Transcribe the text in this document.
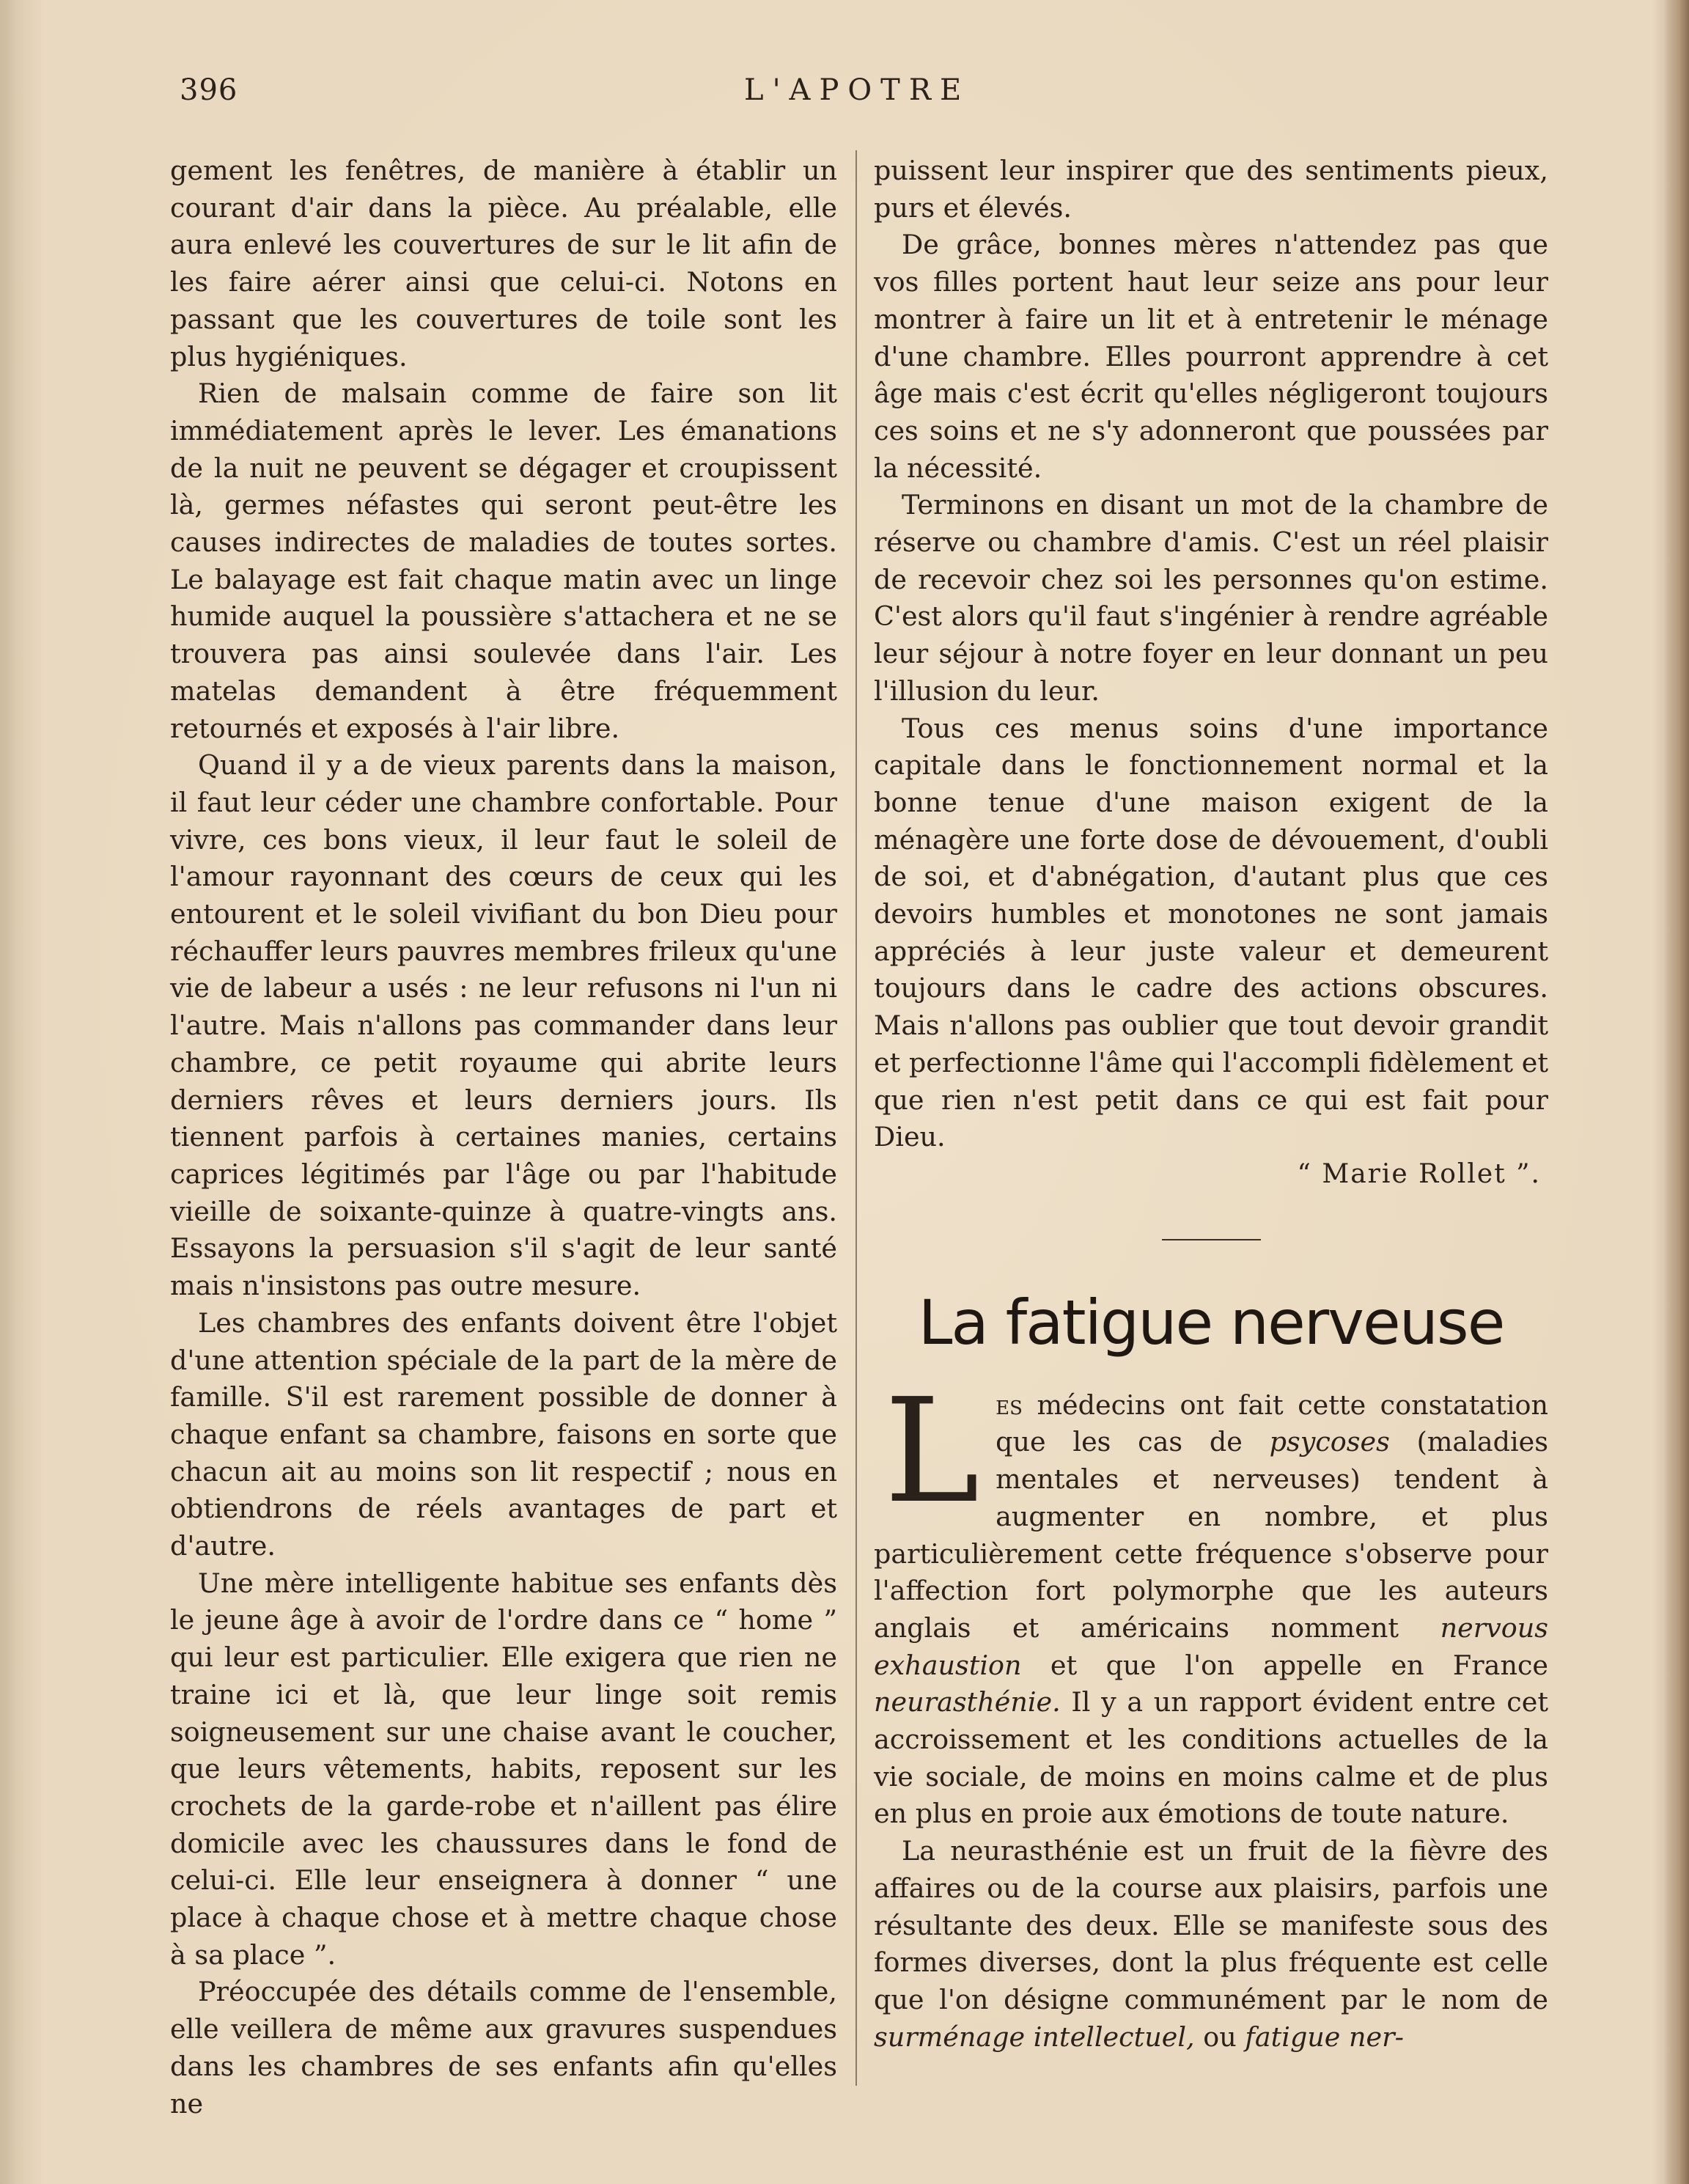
396	L'APOTRE

gement les fenêtres, de manière à établir un courant d'air dans la pièce. Au préalable, elle aura enlevé les couvertures de sur le lit afin de les faire aérer ainsi que celui-ci. Notons en passant que les couvertures de toile sont les plus hygiéniques.

Rien de malsain comme de faire son lit immédiatement après le lever. Les émanations de la nuit ne peuvent se dégager et croupissent là, germes néfastes qui seront peut-être les causes indirectes de maladies de toutes sortes. Le balayage est fait chaque matin avec un linge humide auquel la poussière s'attachera et ne se trouvera pas ainsi soulevée dans l'air. Les matelas demandent à être fréquemment retournés et exposés à l'air libre.

Quand il y a de vieux parents dans la maison, il faut leur céder une chambre confortable. Pour vivre, ces bons vieux, il leur faut le soleil de l'amour rayonnant des cœurs de ceux qui les entourent et le soleil vivifiant du bon Dieu pour réchauffer leurs pauvres membres frileux qu'une vie de labeur a usés : ne leur refusons ni l'un ni l'autre. Mais n'allons pas commander dans leur chambre, ce petit royaume qui abrite leurs derniers rêves et leurs derniers jours. Ils tiennent parfois à certaines manies, certains caprices légitimés par l'âge ou par l'habitude vieille de soixante-quinze à quatre-vingts ans. Essayons la persuasion s'il s'agit de leur santé mais n'insistons pas outre mesure.

Les chambres des enfants doivent être l'objet d'une attention spéciale de la part de la mère de famille. S'il est rarement possible de donner à chaque enfant sa chambre, faisons en sorte que chacun ait au moins son lit respectif ; nous en obtiendrons de réels avantages de part et d'autre.

Une mère intelligente habitue ses enfants dès le jeune âge à avoir de l'ordre dans ce “ home ” qui leur est particulier. Elle exigera que rien ne traine ici et là, que leur linge soit remis soigneusement sur une chaise avant le coucher, que leurs vêtements, habits, reposent sur les crochets de la garde-robe et n'aillent pas élire domicile avec les chaussures dans le fond de celui-ci. Elle leur enseignera à donner “ une place à chaque chose et à mettre chaque chose à sa place ”.

Préoccupée des détails comme de l'ensemble, elle veillera de même aux gravures suspendues dans les chambres de ses enfants afin qu'elles ne

puissent leur inspirer que des sentiments pieux, purs et élevés.

De grâce, bonnes mères n'attendez pas que vos filles portent haut leur seize ans pour leur montrer à faire un lit et à entretenir le ménage d'une chambre. Elles pourront apprendre à cet âge mais c'est écrit qu'elles négligeront toujours ces soins et ne s'y adonneront que poussées par la nécessité.

Terminons en disant un mot de la chambre de réserve ou chambre d'amis. C'est un réel plaisir de recevoir chez soi les personnes qu'on estime. C'est alors qu'il faut s'ingénier à rendre agréable leur séjour à notre foyer en leur donnant un peu l'illusion du leur.

Tous ces menus soins d'une importance capitale dans le fonctionnement normal et la bonne tenue d'une maison exigent de la ménagère une forte dose de dévouement, d'oubli de soi, et d'abnégation, d'autant plus que ces devoirs humbles et monotones ne sont jamais appréciés à leur juste valeur et demeurent toujours dans le cadre des actions obscures. Mais n'allons pas oublier que tout devoir grandit et perfectionne l'âme qui l'accompli fidèlement et que rien n'est petit dans ce qui est fait pour Dieu.

“ Marie Rollet ”.

La fatigue nerveuse

Les médecins ont fait cette constatation que les cas de psycoses (maladies mentales et nerveuses) tendent à augmenter en nombre, et plus particulièrement cette fréquence s'observe pour l'affection fort polymorphe que les auteurs anglais et américains nomment nervous exhaustion et que l'on appelle en France neurasthénie. Il y a un rapport évident entre cet accroissement et les conditions actuelles de la vie sociale, de moins en moins calme et de plus en plus en proie aux émotions de toute nature.

La neurasthénie est un fruit de la fièvre des affaires ou de la course aux plaisirs, parfois une résultante des deux. Elle se manifeste sous des formes diverses, dont la plus fréquente est celle que l'on désigne communément par le nom de surménage intellectuel, ou fatigue ner-
